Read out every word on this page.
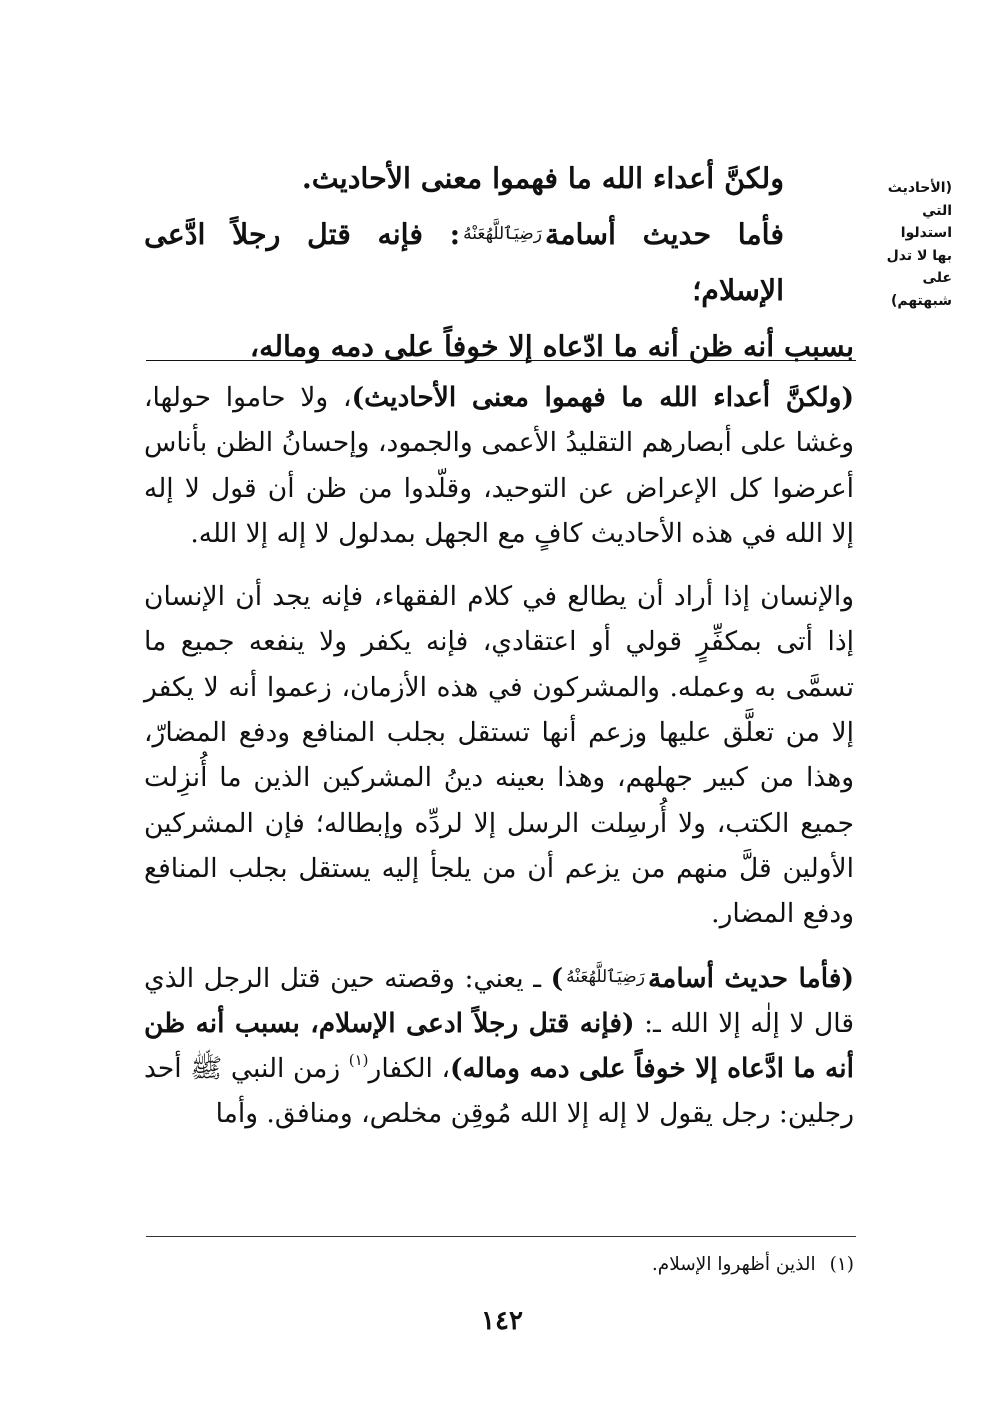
(الأحاديث
التي
استدلوا
بها لا تدل
على
شبهتهم)

ولكنَّ أعداء الله ما فهموا معنى الأحاديث.

فأما حديث أسامةرَضِيَٱللَّهُعَنْهُ: فإنه قتل رجلاً ادَّعى الإسلام؛

بسبب أنه ظن أنه ما ادّعاه إلا خوفاً على دمه وماله،

(ولكنَّ أعداء الله ما فهموا معنى الأحاديث)، ولا حاموا حولها، وغشا على أبصارهم التقليدُ الأعمى والجمود، وإحسانُ الظن بأناس أعرضوا كل الإعراض عن التوحيد، وقلّدوا من ظن أن قول لا إله إلا الله في هذه الأحاديث كافٍ مع الجهل بمدلول لا إله إلا الله.

والإنسان إذا أراد أن يطالع في كلام الفقهاء، فإنه يجد أن الإنسان إذا أتى بمكفِّرٍ قولي أو اعتقادي، فإنه يكفر ولا ينفعه جميع ما تسمَّى به وعمله. والمشركون في هذه الأزمان، زعموا أنه لا يكفر إلا من تعلَّق عليها وزعم أنها تستقل بجلب المنافع ودفع المضارّ، وهذا من كبير جهلهم، وهذا بعينه دينُ المشركين الذين ما أُنزِلت جميع الكتب، ولا أُرسِلت الرسل إلا لردِّه وإبطاله؛ فإن المشركين الأولين قلَّ منهم من يزعم أن من يلجأ إليه يستقل بجلب المنافع ودفع المضار.

(فأما حديث أسامةرَضِيَٱللَّهُعَنْهُ) ـ يعني: وقصته حين قتل الرجل الذي قال لا إلٰه إلا الله ـ: (فإنه قتل رجلاً ادعى الإسلام، بسبب أنه ظن أنه ما ادَّعاه إلا خوفاً على دمه وماله)، الكفار$^{(١)}$ زمن النبي ﷺ أحد رجلين: رجل يقول لا إله إلا الله مُوقِن مخلص، ومنافق. وأما

(١)الذين أظهروا الإسلام.
١٤٢
